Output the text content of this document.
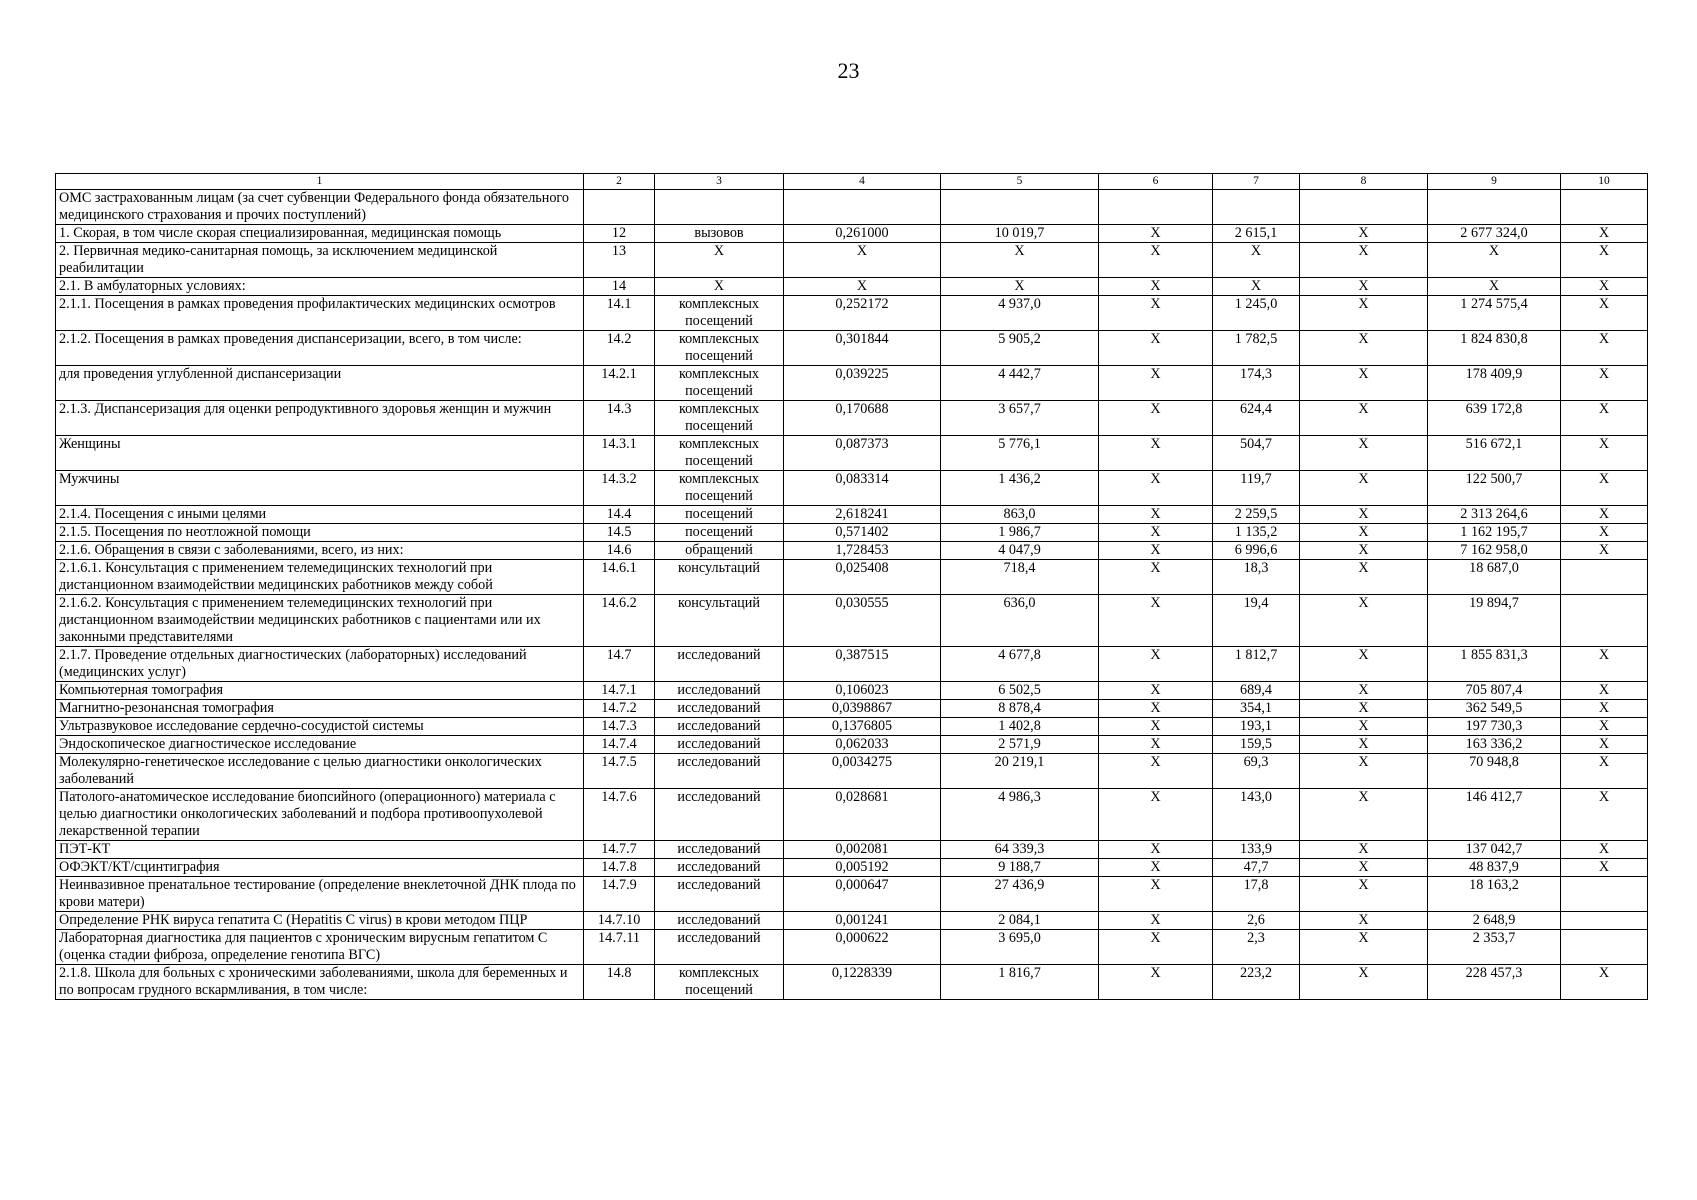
23
1	2	3	4	5	6	7	8	9	10
ОМС застрахованным лицам (за счет субвенции Федерального фонда обязательного медицинского страхования и прочих поступлений)									
1. Скорая, в том числе скорая специализированная, медицинская помощь	12	вызовов	0,261000	10 019,7	X	2 615,1	X	2 677 324,0	X
2. Первичная медико-санитарная помощь, за исключением медицинской реабилитации	13	X	X	X	X	X	X	X	X
2.1. В амбулаторных условиях:	14	X	X	X	X	X	X	X	X
2.1.1. Посещения в рамках проведения профилактических медицинских осмотров	14.1	комплексных посещений	0,252172	4 937,0	X	1 245,0	X	1 274 575,4	X
2.1.2. Посещения в рамках проведения диспансеризации, всего, в том числе:	14.2	комплексных посещений	0,301844	5 905,2	X	1 782,5	X	1 824 830,8	X
для проведения углубленной диспансеризации	14.2.1	комплексных посещений	0,039225	4 442,7	X	174,3	X	178 409,9	X
2.1.3. Диспансеризация для оценки репродуктивного здоровья женщин и мужчин	14.3	комплексных посещений	0,170688	3 657,7	X	624,4	X	639 172,8	X
Женщины	14.3.1	комплексных посещений	0,087373	5 776,1	X	504,7	X	516 672,1	X
Мужчины	14.3.2	комплексных посещений	0,083314	1 436,2	X	119,7	X	122 500,7	X
2.1.4. Посещения с иными целями	14.4	посещений	2,618241	863,0	X	2 259,5	X	2 313 264,6	X
2.1.5. Посещения по неотложной помощи	14.5	посещений	0,571402	1 986,7	X	1 135,2	X	1 162 195,7	X
2.1.6. Обращения в связи с заболеваниями, всего, из них:	14.6	обращений	1,728453	4 047,9	X	6 996,6	X	7 162 958,0	X
2.1.6.1. Консультация с применением телемедицинских технологий при дистанционном взаимодействии медицинских работников между собой	14.6.1	консультаций	0,025408	718,4	X	18,3	X	18 687,0	
2.1.6.2. Консультация с применением телемедицинских технологий при дистанционном взаимодействии медицинских работников с пациентами или их законными представителями	14.6.2	консультаций	0,030555	636,0	X	19,4	X	19 894,7	
2.1.7. Проведение отдельных диагностических (лабораторных) исследований (медицинских услуг)	14.7	исследований	0,387515	4 677,8	X	1 812,7	X	1 855 831,3	X
Компьютерная томография	14.7.1	исследований	0,106023	6 502,5	X	689,4	X	705 807,4	X
Магнитно-резонансная томография	14.7.2	исследований	0,0398867	8 878,4	X	354,1	X	362 549,5	X
Ультразвуковое исследование сердечно-сосудистой системы	14.7.3	исследований	0,1376805	1 402,8	X	193,1	X	197 730,3	X
Эндоскопическое диагностическое исследование	14.7.4	исследований	0,062033	2 571,9	X	159,5	X	163 336,2	X
Молекулярно-генетическое исследование с целью диагностики онкологических заболеваний	14.7.5	исследований	0,0034275	20 219,1	X	69,3	X	70 948,8	X
Патолого-анатомическое исследование биопсийного (операционного) материала с целью диагностики онкологических заболеваний и подбора противоопухолевой лекарственной терапии	14.7.6	исследований	0,028681	4 986,3	X	143,0	X	146 412,7	X
ПЭТ-КТ	14.7.7	исследований	0,002081	64 339,3	X	133,9	X	137 042,7	X
ОФЭКТ/КТ/сцинтиграфия	14.7.8	исследований	0,005192	9 188,7	X	47,7	X	48 837,9	X
Неинвазивное пренатальное тестирование (определение внеклеточной ДНК плода по крови матери)	14.7.9	исследований	0,000647	27 436,9	X	17,8	X	18 163,2	
Определение РНК вируса гепатита С (Hepatitis C virus) в крови методом ПЦР	14.7.10	исследований	0,001241	2 084,1	X	2,6	X	2 648,9	
Лабораторная диагностика для пациентов с хроническим вирусным гепатитом С (оценка стадии фиброза, определение генотипа ВГС)	14.7.11	исследований	0,000622	3 695,0	X	2,3	X	2 353,7	
2.1.8. Школа для больных с хроническими заболеваниями, школа для беременных и по вопросам грудного вскармливания, в том числе:	14.8	комплексных посещений	0,1228339	1 816,7	X	223,2	X	228 457,3	X
